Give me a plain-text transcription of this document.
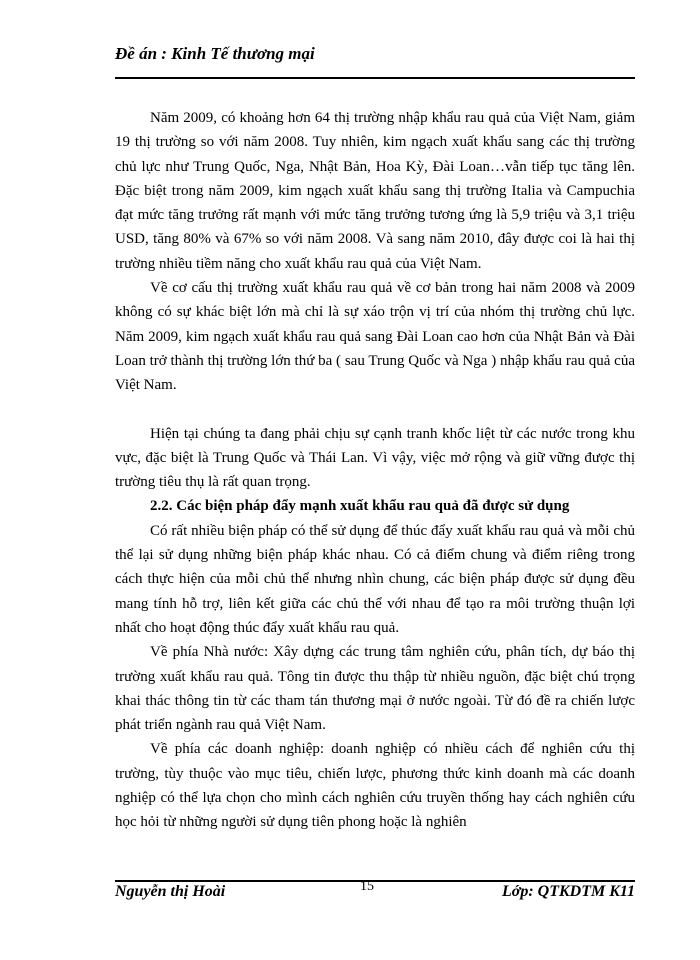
Đề án : Kinh Tế thương mại

Năm 2009, có khoảng hơn 64 thị trường nhập khẩu rau quả của Việt Nam, giảm 19 thị trường so với năm 2008. Tuy nhiên, kim ngạch xuất khẩu sang các thị trường chủ lực như Trung Quốc, Nga, Nhật Bản, Hoa Kỳ, Đài Loan…vẫn tiếp tục tăng lên. Đặc biệt trong năm 2009, kim ngạch xuất khẩu sang thị trường Italia và Campuchia đạt mức tăng trưởng rất mạnh với mức tăng trưởng tương ứng là 5,9 triệu và 3,1 triệu USD, tăng 80% và 67% so với năm 2008. Và sang năm 2010, đây được coi là hai thị trường nhiều tiềm năng cho xuất khẩu rau quả của Việt Nam.

Về cơ cấu thị trường xuất khẩu rau quả về cơ bản trong hai năm 2008 và 2009 không có sự khác biệt lớn mà chỉ là sự xáo trộn vị trí của nhóm thị trường chủ lực. Năm 2009, kim ngạch xuất khẩu rau quả sang Đài Loan cao hơn của Nhật Bản và Đài Loan trở thành thị trường lớn thứ ba ( sau Trung Quốc và Nga ) nhập khẩu rau quả của Việt Nam.

Hiện tại chúng ta đang phải chịu sự cạnh tranh khốc liệt từ các nước trong khu vực, đặc biệt là Trung Quốc và Thái Lan. Vì vậy, việc mở rộng và giữ vững được thị trường tiêu thụ là rất quan trọng.

2.2. Các biện pháp đẩy mạnh xuất khẩu rau quả đã được sử dụng

Có rất nhiều biện pháp có thể sử dụng để thúc đẩy xuất khẩu rau quả và mỗi chủ thể lại sử dụng những biện pháp khác nhau. Có cả điểm chung và điểm riêng trong cách thực hiện của mỗi chủ thể nhưng nhìn chung, các biện pháp được sử dụng đều mang tính hỗ trợ, liên kết giữa các chủ thể với nhau để tạo ra môi trường thuận lợi nhất cho hoạt động thúc đẩy xuất khẩu rau quả.

Về phía Nhà nước: Xây dựng các trung tâm nghiên cứu, phân tích, dự báo thị trường xuất khẩu rau quả. Tông tin được thu thập từ nhiều nguồn, đặc biệt chú trọng khai thác thông tin từ các tham tán thương mại ở nước ngoài. Từ đó đề ra chiến lược phát triển ngành rau quả Việt Nam.

Về phía các doanh nghiệp: doanh nghiệp có nhiều cách để nghiên cứu thị trường, tùy thuộc vào mục tiêu, chiến lược, phương thức kinh doanh mà các doanh nghiệp có thể lựa chọn cho mình cách nghiên cứu truyền thống hay cách nghiên cứu học hỏi từ những người sử dụng tiên phong hoặc là nghiên

Nguyễn thị Hoài	15	Lớp: QTKDTM K11
